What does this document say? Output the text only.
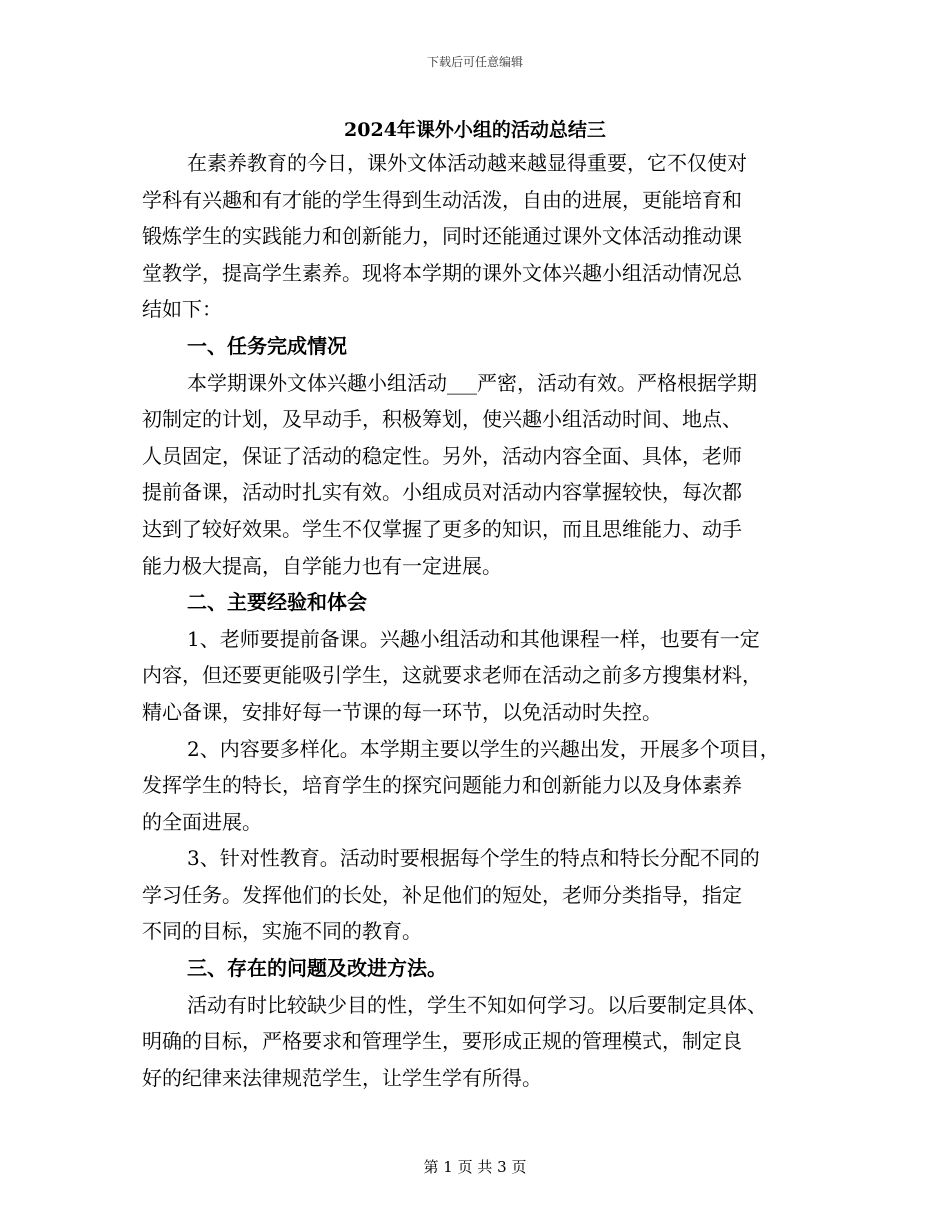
下载后可任意编辑
2024年课外小组的活动总结三
在素养教育的今日，课外文体活动越来越显得重要，它不仅使对
学科有兴趣和有才能的学生得到生动活泼，自由的进展，更能培育和
锻炼学生的实践能力和创新能力，同时还能通过课外文体活动推动课
堂教学，提高学生素养。现将本学期的课外文体兴趣小组活动情况总
结如下：
一、任务完成情况
本学期课外文体兴趣小组活动___严密，活动有效。严格根据学期
初制定的计划，及早动手，积极筹划，使兴趣小组活动时间、地点、
人员固定，保证了活动的稳定性。另外，活动内容全面、具体，老师
提前备课，活动时扎实有效。小组成员对活动内容掌握较快，每次都
达到了较好效果。学生不仅掌握了更多的知识，而且思维能力、动手
能力极大提高，自学能力也有一定进展。
二、主要经验和体会
1、老师要提前备课。兴趣小组活动和其他课程一样，也要有一定
内容，但还要更能吸引学生，这就要求老师在活动之前多方搜集材料，
精心备课，安排好每一节课的每一环节，以免活动时失控。
2、内容要多样化。本学期主要以学生的兴趣出发，开展多个项目，
发挥学生的特长，培育学生的探究问题能力和创新能力以及身体素养
的全面进展。
3、针对性教育。活动时要根据每个学生的特点和特长分配不同的
学习任务。发挥他们的长处，补足他们的短处，老师分类指导，指定
不同的目标，实施不同的教育。
三、存在的问题及改进方法。
活动有时比较缺少目的性，学生不知如何学习。以后要制定具体、
明确的目标，严格要求和管理学生，要形成正规的管理模式，制定良
好的纪律来法律规范学生，让学生学有所得。
第 1 页 共 3 页
